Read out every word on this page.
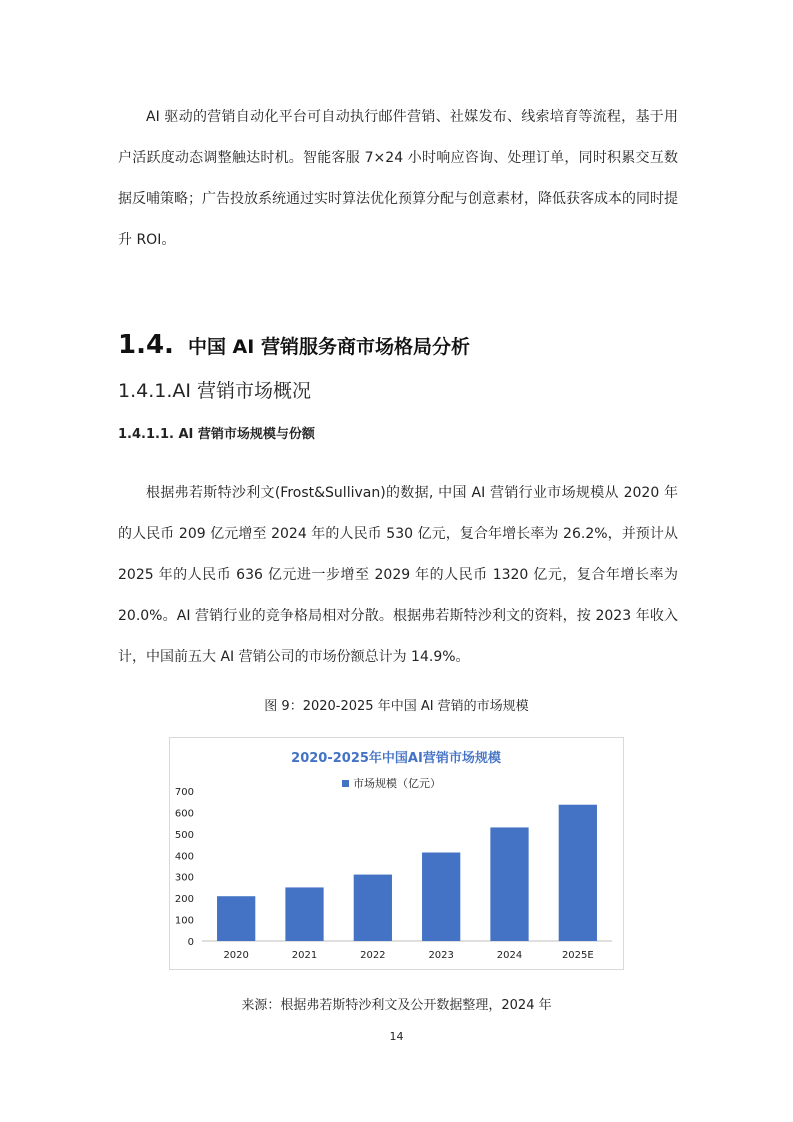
AI 驱动的营销自动化平台可自动执行邮件营销、社媒发布、线索培育等流程，基于用户活跃度动态调整触达时机。智能客服 7×24 小时响应咨询、处理订单，同时积累交互数据反哺策略；广告投放系统通过实时算法优化预算分配与创意素材，降低获客成本的同时提升 ROI。

1.4. 中国 AI 营销服务商市场格局分析
1.4.1.AI 营销市场概况
1.4.1.1. AI 营销市场规模与份额

根据弗若斯特沙利文(Frost&Sullivan)的数据, 中国 AI 营销行业市场规模从 2020 年的人民币 209 亿元增至 2024 年的人民币 530 亿元，复合年增长率为 26.2%，并预计从 2025 年的人民币 636 亿元进一步增至 2029 年的人民币 1320 亿元，复合年增长率为 20.0%。AI 营销行业的竞争格局相对分散。根据弗若斯特沙利文的资料，按 2023 年收入计，中国前五大 AI 营销公司的市场份额总计为 14.9%。

图 9：2020-2025 年中国 AI 营销的市场规模

2020-2025年中国AI营销市场规模
市场规模（亿元）
0
100
200
300
400
500
600
700
2020	2021	2022	2023	2024	2025E

来源：根据弗若斯特沙利文及公开数据整理，2024 年

14
